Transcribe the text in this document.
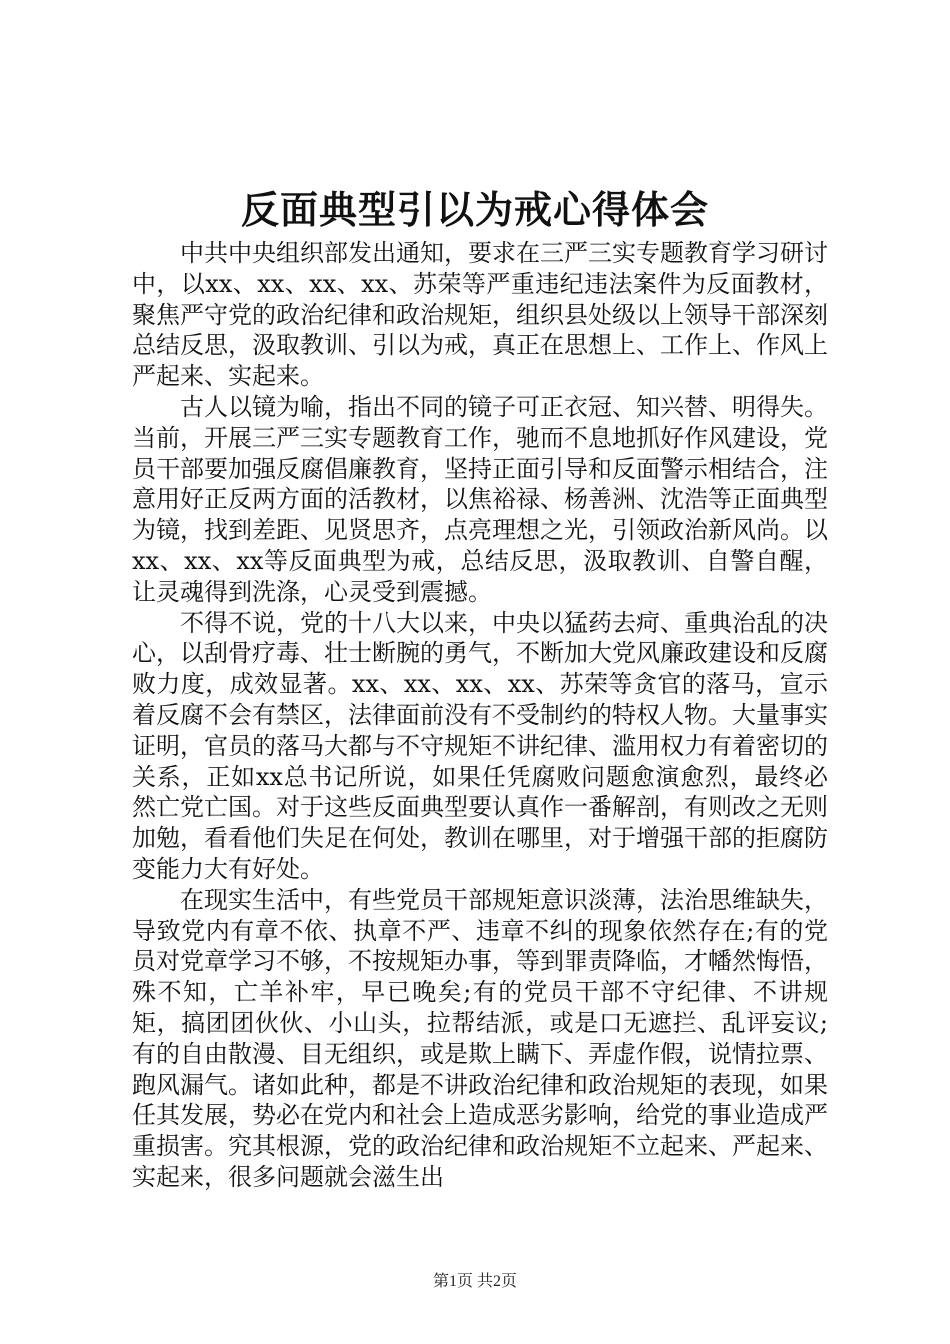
反面典型引以为戒心得体会

中共中央组织部发出通知，要求在三严三实专题教育学习研讨中，以xx、xx、xx、xx、苏荣等严重违纪违法案件为反面教材，聚焦严守党的政治纪律和政治规矩，组织县处级以上领导干部深刻总结反思，汲取教训、引以为戒，真正在思想上、工作上、作风上严起来、实起来。

古人以镜为喻，指出不同的镜子可正衣冠、知兴替、明得失。当前，开展三严三实专题教育工作，驰而不息地抓好作风建设，党员干部要加强反腐倡廉教育，坚持正面引导和反面警示相结合，注意用好正反两方面的活教材，以焦裕禄、杨善洲、沈浩等正面典型为镜，找到差距、见贤思齐，点亮理想之光，引领政治新风尚。以xx、xx、xx等反面典型为戒，总结反思，汲取教训、自警自醒，让灵魂得到洗涤，心灵受到震撼。

不得不说，党的十八大以来，中央以猛药去疴、重典治乱的决心，以刮骨疗毒、壮士断腕的勇气，不断加大党风廉政建设和反腐败力度，成效显著。xx、xx、xx、xx、苏荣等贪官的落马，宣示着反腐不会有禁区，法律面前没有不受制约的特权人物。大量事实证明，官员的落马大都与不守规矩不讲纪律、滥用权力有着密切的关系，正如xx总书记所说，如果任凭腐败问题愈演愈烈，最终必然亡党亡国。对于这些反面典型要认真作一番解剖，有则改之无则加勉，看看他们失足在何处，教训在哪里，对于增强干部的拒腐防变能力大有好处。

在现实生活中，有些党员干部规矩意识淡薄，法治思维缺失，导致党内有章不依、执章不严、违章不纠的现象依然存在;有的党员对党章学习不够，不按规矩办事，等到罪责降临，才幡然悔悟，殊不知，亡羊补牢，早已晚矣;有的党员干部不守纪律、不讲规矩，搞团团伙伙、小山头，拉帮结派，或是口无遮拦、乱评妄议;有的自由散漫、目无组织，或是欺上瞒下、弄虚作假，说情拉票、跑风漏气。诸如此种，都是不讲政治纪律和政治规矩的表现，如果任其发展，势必在党内和社会上造成恶劣影响，给党的事业造成严重损害。究其根源，党的政治纪律和政治规矩不立起来、严起来、实起来，很多问题就会滋生出

第1页 共2页
